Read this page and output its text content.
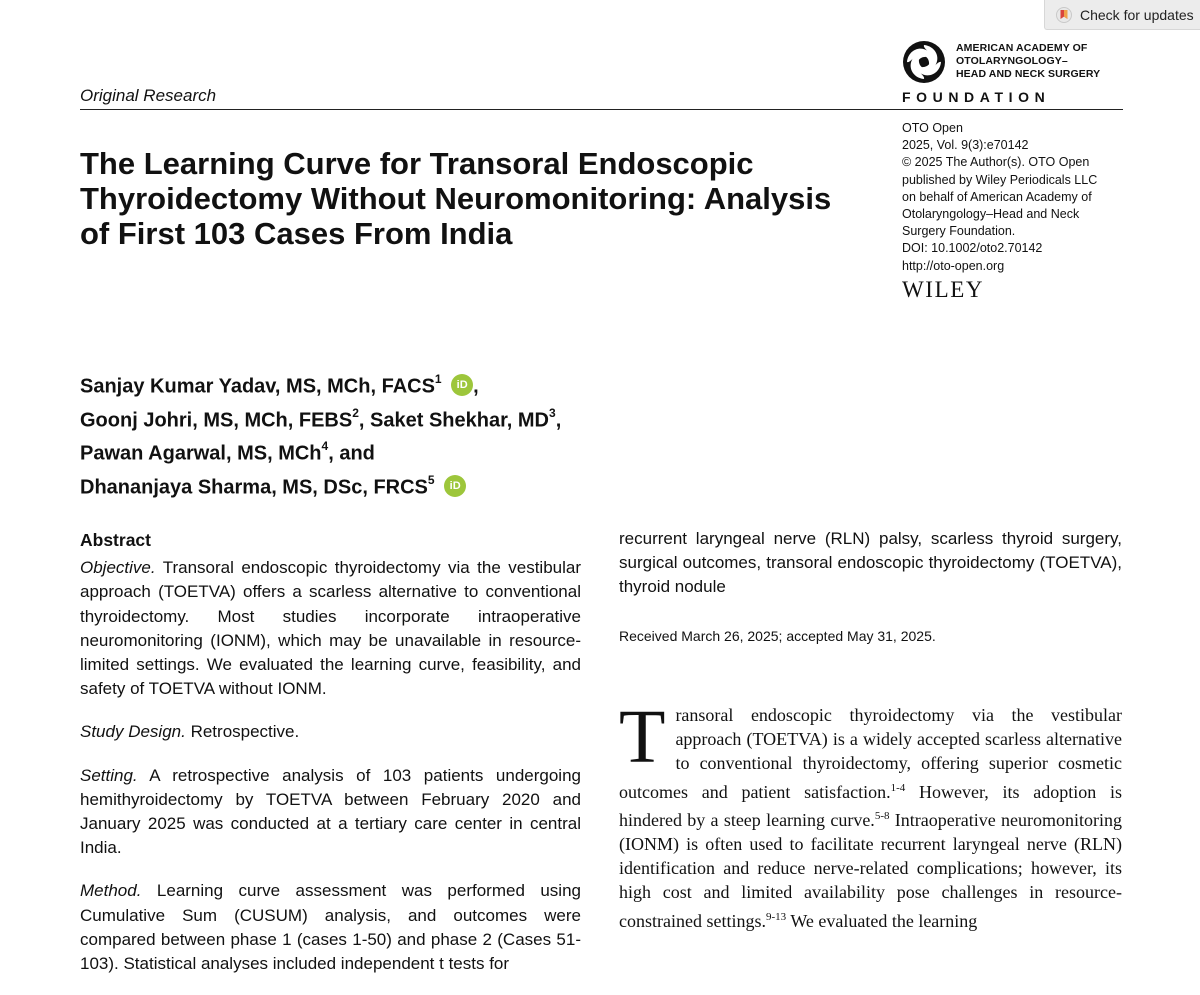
Check for updates
AMERICAN ACADEMY OF
OTOLARYNGOLOGY–
HEAD AND NECK SURGERY
FOUNDATION
Original Research
OTO Open
2025, Vol. 9(3):e70142
© 2025 The Author(s). OTO Open
published by Wiley Periodicals LLC
on behalf of American Academy of
Otolaryngology–Head and Neck
Surgery Foundation.
DOI: 10.1002/oto2.70142
http://oto-open.org
WILEY
The Learning Curve for Transoral Endoscopic Thyroidectomy Without Neuromonitoring: Analysis of First 103 Cases From India
Sanjay Kumar Yadav, MS, MCh, FACS$^1$ iD ,
Goonj Johri, MS, MCh, FEBS$^2$, Saket Shekhar, $MD^3$,
Pawan Agarwal, MS, MCh$^4$, and
Dhananjaya Sharma, MS, DSc, FRCS$^5$ iD
Abstract

Objective. Transoral endoscopic thyroidectomy via the vestibular approach (TOETVA) offers a scarless alternative to conventional thyroidectomy. Most studies incorporate intraoperative neuromonitoring (IONM), which may be unavailable in resource-limited settings. We evaluated the learning curve, feasibility, and safety of TOETVA without IONM.

Study Design. Retrospective.

Setting. A retrospective analysis of 103 patients undergoing hemithyroidectomy by TOETVA between February 2020 and January 2025 was conducted at a tertiary care center in central India.

Method. Learning curve assessment was performed using Cumulative Sum (CUSUM) analysis, and outcomes were compared between phase 1 (cases 1-50) and phase 2 (Cases 51-103). Statistical analyses included independent t tests for

recurrent laryngeal nerve (RLN) palsy, scarless thyroid surgery, surgical outcomes, transoral endoscopic thyroidectomy (TOETVA), thyroid nodule

Received March 26, 2025; accepted May 31, 2025.
Transoral endoscopic thyroidectomy via the vestibular approach (TOETVA) is a widely accepted scarless alternative to conventional thyroidectomy, offering superior cosmetic outcomes and patient satisfaction.$^{1-4}$ However, its adoption is hindered by a steep learning curve.$^{5-8}$ Intraoperative neuromonitoring (IONM) is often used to facilitate recurrent laryngeal nerve (RLN) identification and reduce nerve-related complications; however, its high cost and limited availability pose challenges in resource-constrained settings.$^{9-13}$ We evaluated the learning
